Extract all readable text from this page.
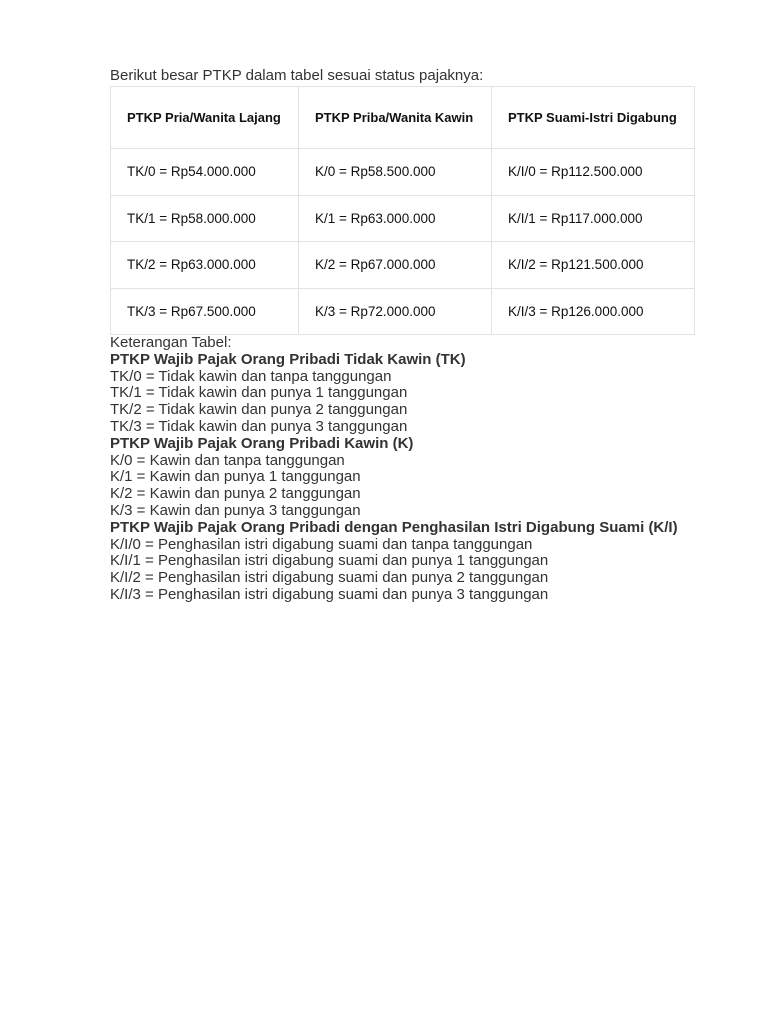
Berikut besar PTKP dalam tabel sesuai status pajaknya:

PTKP Pria/Wanita Lajang	PTKP Priba/Wanita Kawin	PTKP Suami-Istri Digabung
TK/0 = Rp54.000.000	K/0 = Rp58.500.000	K/I/0 = Rp112.500.000
TK/1 = Rp58.000.000	K/1 = Rp63.000.000	K/I/1 = Rp117.000.000
TK/2 = Rp63.000.000	K/2 = Rp67.000.000	K/I/2 = Rp121.500.000
TK/3 = Rp67.500.000	K/3 = Rp72.000.000	K/I/3 = Rp126.000.000
Keterangan Tabel:
PTKP Wajib Pajak Orang Pribadi Tidak Kawin (TK)
TK/0 = Tidak kawin dan tanpa tanggungan
TK/1 = Tidak kawin dan punya 1 tanggungan
TK/2 = Tidak kawin dan punya 2 tanggungan
TK/3 = Tidak kawin dan punya 3 tanggungan
PTKP Wajib Pajak Orang Pribadi Kawin (K)
K/0 = Kawin dan tanpa tanggungan
K/1 = Kawin dan punya 1 tanggungan
K/2 = Kawin dan punya 2 tanggungan
K/3 = Kawin dan punya 3 tanggungan
PTKP Wajib Pajak Orang Pribadi dengan Penghasilan Istri Digabung Suami (K/I)
K/I/0 = Penghasilan istri digabung suami dan tanpa tanggungan
K/I/1 = Penghasilan istri digabung suami dan punya 1 tanggungan
K/I/2 = Penghasilan istri digabung suami dan punya 2 tanggungan
K/I/3 = Penghasilan istri digabung suami dan punya 3 tanggungan
